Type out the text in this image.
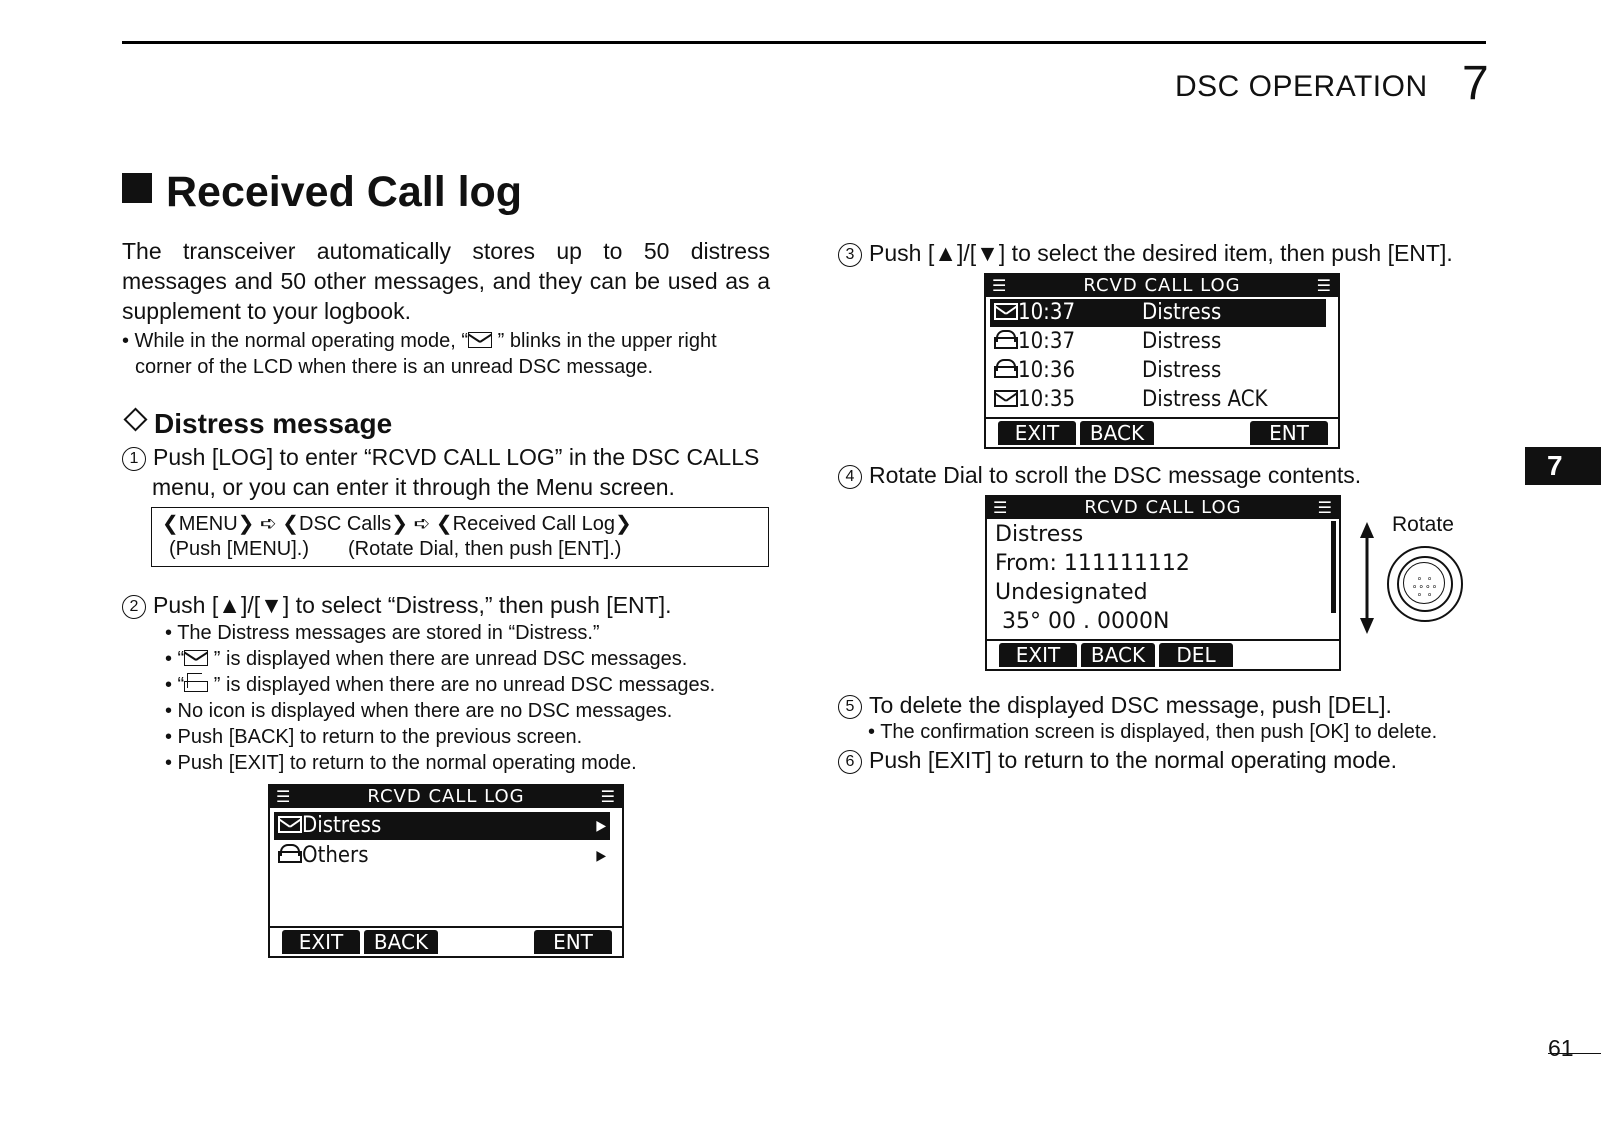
DSC OPERATION 7
Received Call log
The transceiver automatically stores up to 50 distress messages and 50 other messages, and they can be used as a supplement to your logbook.
• While in the normal operating mode, “ ” blinks in the upper right
corner of the LCD when there is an unread DSC message.
Distress message
1 Push [LOG] to enter “RCVD CALL LOG” in the DSC CALLS
menu, or you can enter it through the Menu screen.
❮MENU❯ ➪ ❮DSC Calls❯ ➪ ❮Received Call Log❯
(Push [MENU].) (Rotate Dial, then push [ENT].)
2 Push [▲]/[▼] to select “Distress,” then push [ENT].
• The Distress messages are stored in “Distress.”
• “ ” is displayed when there are unread DSC messages.
• “ ” is displayed when there are no unread DSC messages.
• No icon is displayed when there are no DSC messages.
• Push [BACK] to return to the previous screen.
• Push [EXIT] to return to the normal operating mode.
☰	RCVD CALL LOG	☰
Distress	▶
Others	▶
EXIT	BACK	ENT
3 Push [▲]/[▼] to select the desired item, then push [ENT].
☰	RCVD CALL LOG	☰
10:37	Distress
10:37	Distress
10:36	Distress
10:35	Distress ACK
EXIT	BACK	ENT
4 Rotate Dial to scroll the DSC message contents.
☰	RCVD CALL LOG	☰
Distress
From: 111111112
Undesignated
35° 00 . 0000N
EXIT	BACK	DEL
Rotate
∘ ∘
∘∘∘∘
∘ ∘
5 To delete the displayed DSC message, push [DEL].
• The confirmation screen is displayed, then push [OK] to delete.
6 Push [EXIT] to return to the normal operating mode.
7
61
